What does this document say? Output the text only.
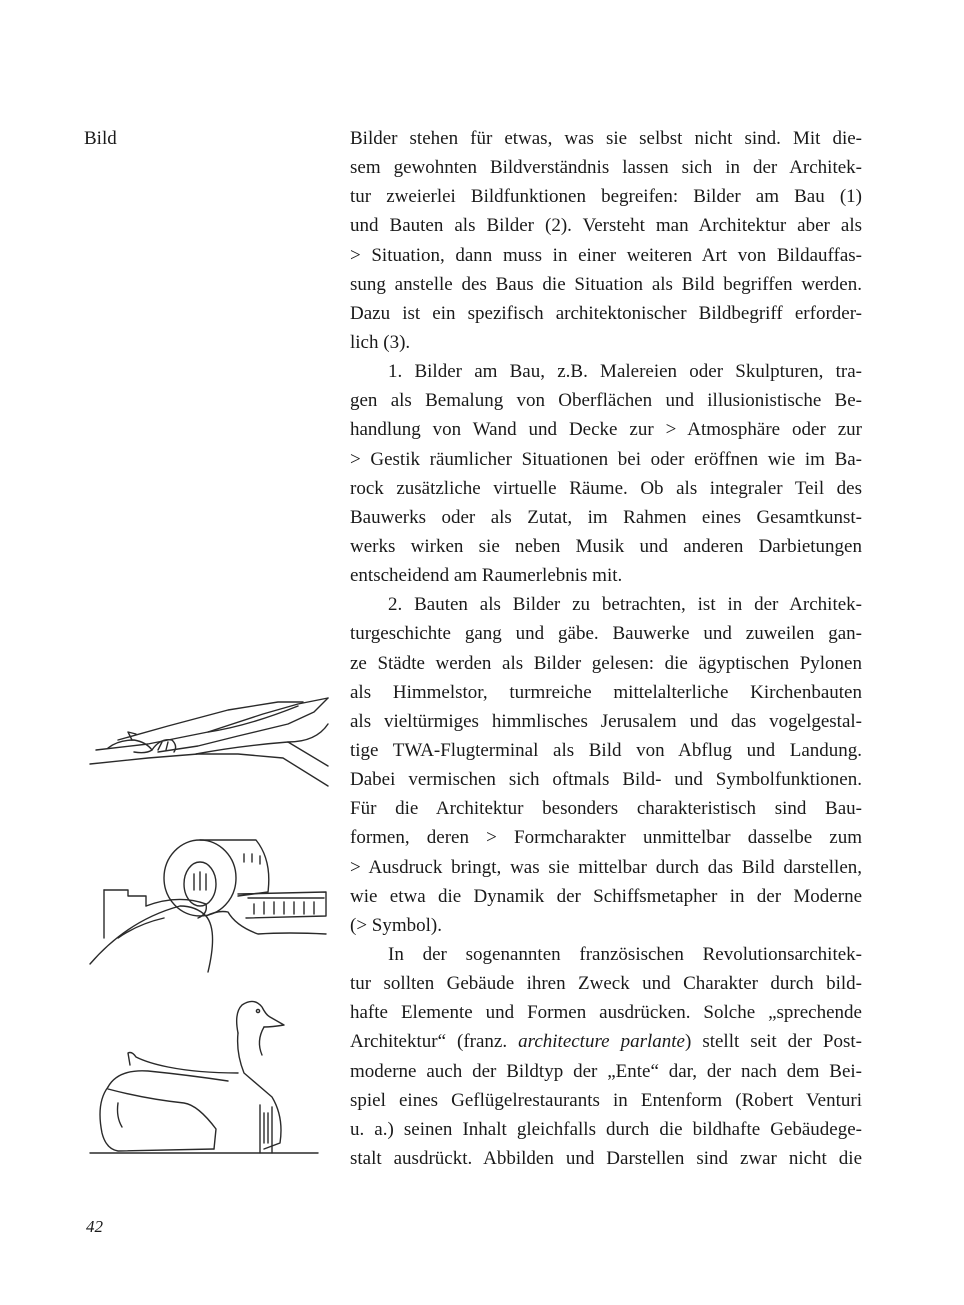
Bild	Bilder stehen für etwas, was sie selbst nicht sind. Mit die-
sem gewohnten Bildverständnis lassen sich in der Architek-
tur zweierlei Bildfunktionen begreifen: Bilder am Bau (1)
und Bauten als Bilder (2). Versteht man Architektur aber als
> Situation, dann muss in einer weiteren Art von Bildauffas-
sung anstelle des Baus die Situation als Bild begriffen werden.
Dazu ist ein spezifisch architektonischer Bildbegriff erforder-
lich (3).
1. Bilder am Bau, z.B. Malereien oder Skulpturen, tra-
gen als Bemalung von Oberflächen und illusionistische Be-
handlung von Wand und Decke zur > Atmosphäre oder zur
> Gestik räumlicher Situationen bei oder eröffnen wie im Ba-
rock zusätzliche virtuelle Räume. Ob als integraler Teil des
Bauwerks oder als Zutat, im Rahmen eines Gesamtkunst-
werks wirken sie neben Musik und anderen Darbietungen
entscheidend am Raumerlebnis mit.
2. Bauten als Bilder zu betrachten, ist in der Architek-
turgeschichte gang und gäbe. Bauwerke und zuweilen gan-
ze Städte werden als Bilder gelesen: die ägyptischen Pylonen
als Himmelstor, turmreiche mittelalterliche Kirchenbauten
als vieltürmiges himmlisches Jerusalem und das vogelgestal-
tige TWA-Flugterminal als Bild von Abflug und Landung.
Dabei vermischen sich oftmals Bild- und Symbolfunktionen.
Für die Architektur besonders charakteristisch sind Bau-
formen, deren > Formcharakter unmittelbar dasselbe zum
> Ausdruck bringt, was sie mittelbar durch das Bild darstellen,
wie etwa die Dynamik der Schiffsmetapher in der Moderne
(> Symbol).
In der sogenannten französischen Revolutionsarchitek-
tur sollten Gebäude ihren Zweck und Charakter durch bild-
hafte Elemente und Formen ausdrücken. Solche „sprechende
Architektur“ (franz. architecture parlante) stellt seit der Post-
moderne auch der Bildtyp der „Ente“ dar, der nach dem Bei-
spiel eines Geflügelrestaurants in Entenform (Robert Venturi
u. a.) seinen Inhalt gleichfalls durch die bildhafte Gebäudege-
stalt ausdrückt. Abbilden und Darstellen sind zwar nicht die
42
